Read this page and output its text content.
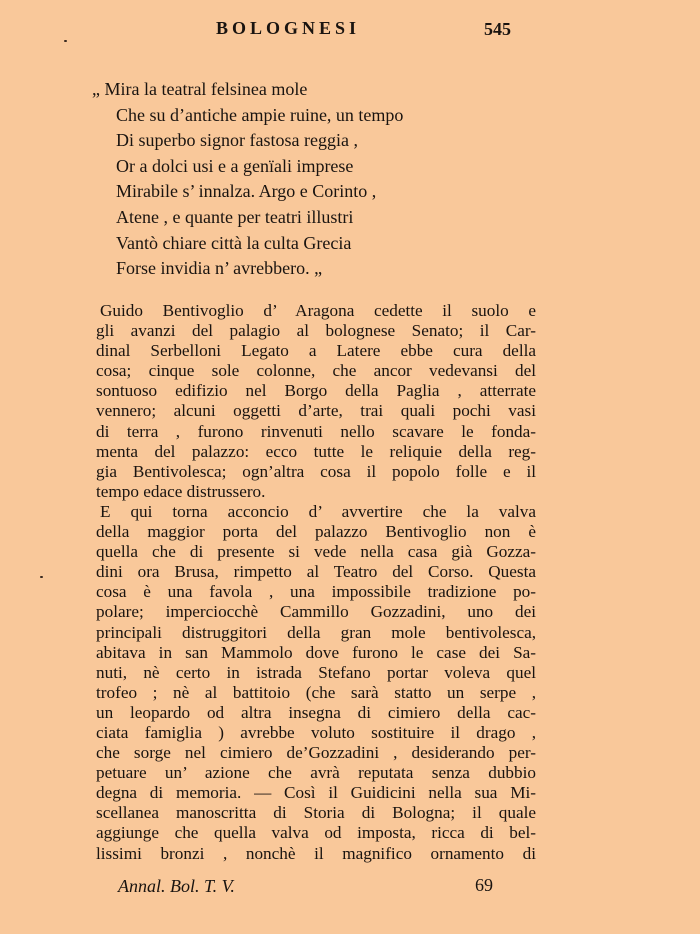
BOLOGNESI	545
„ Mira la teatral felsinea mole
Che su d’antiche ampie ruine, un tempo
Di superbo signor fastosa reggia ,
Or a dolci usi e a genïali imprese
Mirabile s’ innalza. Argo e Corinto ,
Atene , e quante per teatri illustri
Vantò chiare città la culta Grecia
Forse invidia n’ avrebbero. „
Guido Bentivoglio d’ Aragona cedette il suolo e
gli avanzi del palagio al bolognese Senato; il Car-
dinal Serbelloni Legato a Latere ebbe cura della
cosa; cinque sole colonne, che ancor vedevansi del
sontuoso edifizio nel Borgo della Paglia , atterrate
vennero; alcuni oggetti d’arte, trai quali pochi vasi
di terra , furono rinvenuti nello scavare le fonda-
menta del palazzo: ecco tutte le reliquie della reg-
gia Bentivolesca; ogn’altra cosa il popolo folle e il
tempo edace distrussero.
E qui torna acconcio d’ avvertire che la valva
della maggior porta del palazzo Bentivoglio non è
quella che di presente si vede nella casa già Gozza-
dini ora Brusa, rimpetto al Teatro del Corso. Questa
cosa è una favola , una impossibile tradizione po-
polare; imperciocchè Cammillo Gozzadini, uno dei
principali distruggitori della gran mole bentivolesca,
abitava in san Mammolo dove furono le case dei Sa-
nuti, nè certo in istrada Stefano portar voleva quel
trofeo ; nè al battitoio (che sarà statto un serpe ,
un leopardo od altra insegna di cimiero della cac-
ciata famiglia ) avrebbe voluto sostituire il drago ,
che sorge nel cimiero de’Gozzadini , desiderando per-
petuare un’ azione che avrà reputata senza dubbio
degna di memoria. — Così il Guidicini nella sua Mi-
scellanea manoscritta di Storia di Bologna; il quale
aggiunge che quella valva od imposta, ricca di bel-
lissimi bronzi , nonchè il magnifico ornamento di
Annal. Bol. T. V.	69
